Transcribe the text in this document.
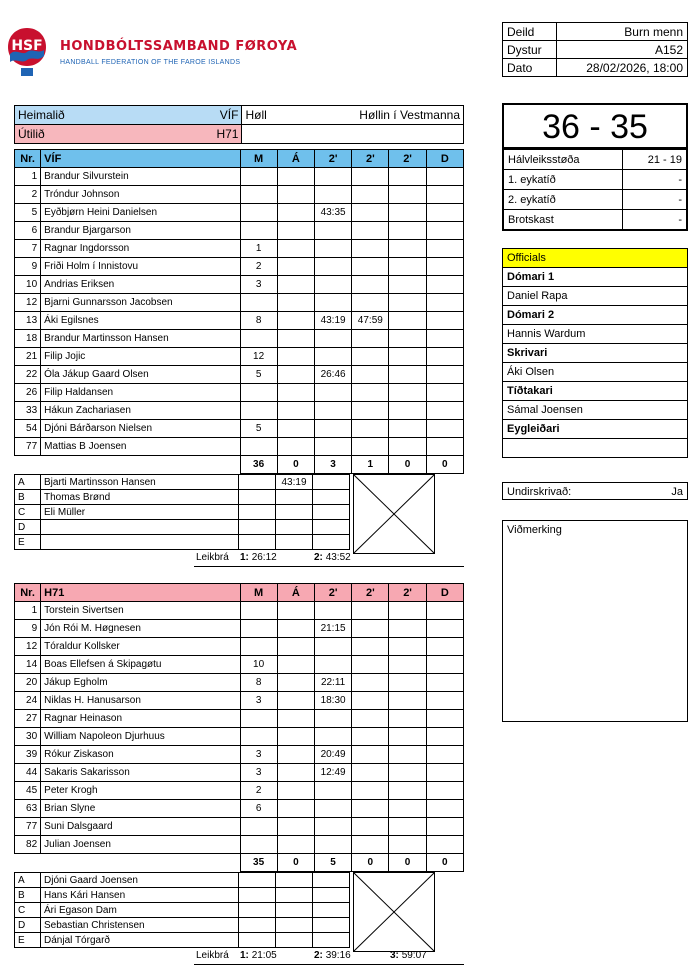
HSF HONDBÓLTSSAMBAND FØROYA
HANDBALL FEDERATION OF THE FAROE ISLANDS
Deild	Burn menn
Dystur	A152
Dato	28/02/2026, 18:00
Heimalið VÍF	Høll Høllin í Vestmanna

Útilið H71	
		36 - 35
Hálvleiksstøða	21 - 19
1. eykatíð	-
2. eykatíð	-
Brotskast	-
Officials
Dómari 1
Daniel Rapa
Dómari 2
Hannis Wardum
Skrivari
Áki Olsen
Tíðtakari
Sámal Joensen
Eygleiðari

Undirskrivað:	Ja
Viðmerking
Nr.	VÍF	M	Á	2'	2'	2'	D
1	Brandur Silvurstein						
2	Tróndur Johnson						
5	Eyðbjørn Heini Danielsen			43:35			
6	Brandur Bjargarson						
7	Ragnar Ingdorsson	1					
9	Friði Holm í Innistovu	2					
10	Andrias Eriksen	3					
12	Bjarni Gunnarsson Jacobsen						
13	Áki Egilsnes	8		43:19	47:59		
18	Brandur Martinsson Hansen						
21	Filip Jojic	12					
22	Óla Jákup Gaard Olsen	5		26:46			
26	Filip Haldansen						
33	Hákun Zachariasen						
54	Djóni Bárðarson Nielsen	5					
77	Mattias B Joensen						
		36	0	3	1	0	0
A	Bjarti Martinsson Hansen		43:19				
B	Thomas Brønd						
C	Eli Müller						
D							
E							
Leikbrá 1: 26:12	2: 43:52
Nr.	H71	M	Á	2'	2'	2'	D
1	Torstein Sivertsen						
9	Jón Rói M. Høgnesen			21:15			
12	Tóraldur Kollsker						
14	Boas Ellefsen á Skipagøtu	10					
20	Jákup Egholm	8		22:11			
24	Niklas H. Hanusarson	3		18:30			
27	Ragnar Heinason						
30	William Napoleon Djurhuus						
39	Rókur Ziskason	3		20:49			
44	Sakaris Sakarisson	3		12:49			
45	Peter Krogh	2					
63	Brian Slyne	6					
77	Suni Dalsgaard						
82	Julian Joensen						
		35	0	5	0	0	0
A	Djóni Gaard Joensen						
B	Hans Kári Hansen						
C	Ári Egason Dam						
D	Sebastian Christensen						
E	Dánjal Tórgarð						
Leikbrá 1: 21:05	2: 39:16	3: 59:07
